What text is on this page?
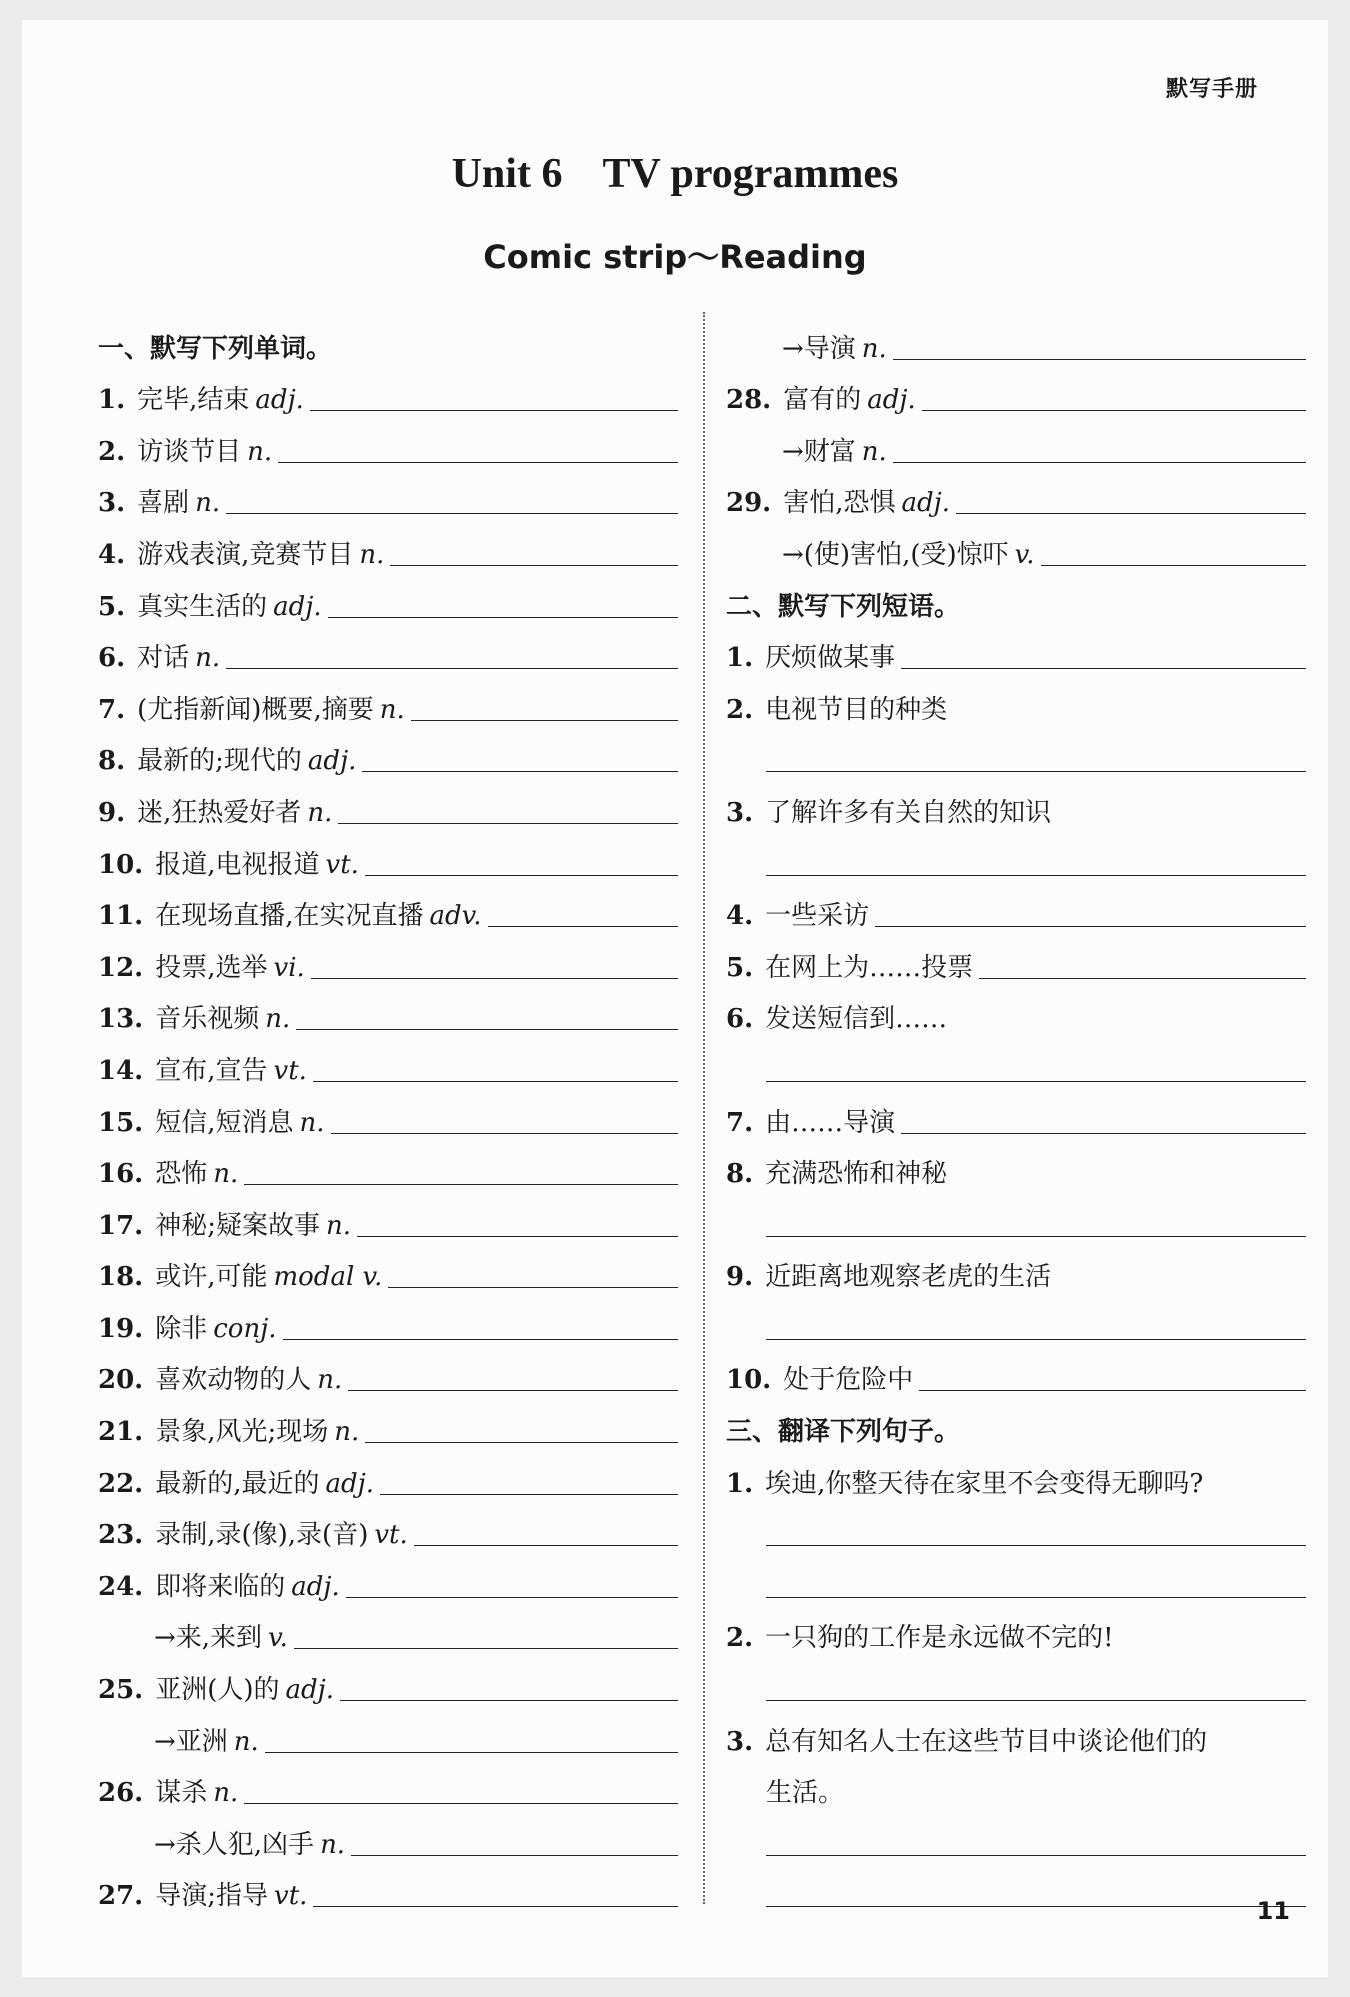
默写手册
Unit 6 TV programmes
Comic strip～Reading
一、默写下列单词。
1. 完毕,结束 adj.
2. 访谈节目 n.
3. 喜剧 n.
4. 游戏表演,竞赛节目 n.
5. 真实生活的 adj.
6. 对话 n.
7. (尤指新闻)概要,摘要 n.
8. 最新的;现代的 adj.
9. 迷,狂热爱好者 n.
10. 报道,电视报道 vt.
11. 在现场直播,在实况直播 adv.
12. 投票,选举 vi.
13. 音乐视频 n.
14. 宣布,宣告 vt.
15. 短信,短消息 n.
16. 恐怖 n.
17. 神秘;疑案故事 n.
18. 或许,可能 modal v.
19. 除非 conj.
20. 喜欢动物的人 n.
21. 景象,风光;现场 n.
22. 最新的,最近的 adj.
23. 录制,录(像),录(音) vt.
24. 即将来临的 adj.
→来,来到 v.
25. 亚洲(人)的 adj.
→亚洲 n.
26. 谋杀 n.
→杀人犯,凶手 n.
27. 导演;指导 vt.
→导演 n.
28. 富有的 adj.
→财富 n.
29. 害怕,恐惧 adj.
→(使)害怕,(受)惊吓 v.
二、默写下列短语。
1. 厌烦做某事
2. 电视节目的种类
3. 了解许多有关自然的知识
4. 一些采访
5. 在网上为……投票
6. 发送短信到……
7. 由……导演
8. 充满恐怖和神秘
9. 近距离地观察老虎的生活
10. 处于危险中
三、翻译下列句子。
1. 埃迪,你整天待在家里不会变得无聊吗?
2. 一只狗的工作是永远做不完的!
3. 总有知名人士在这些节目中谈论他们的
生活。
11
